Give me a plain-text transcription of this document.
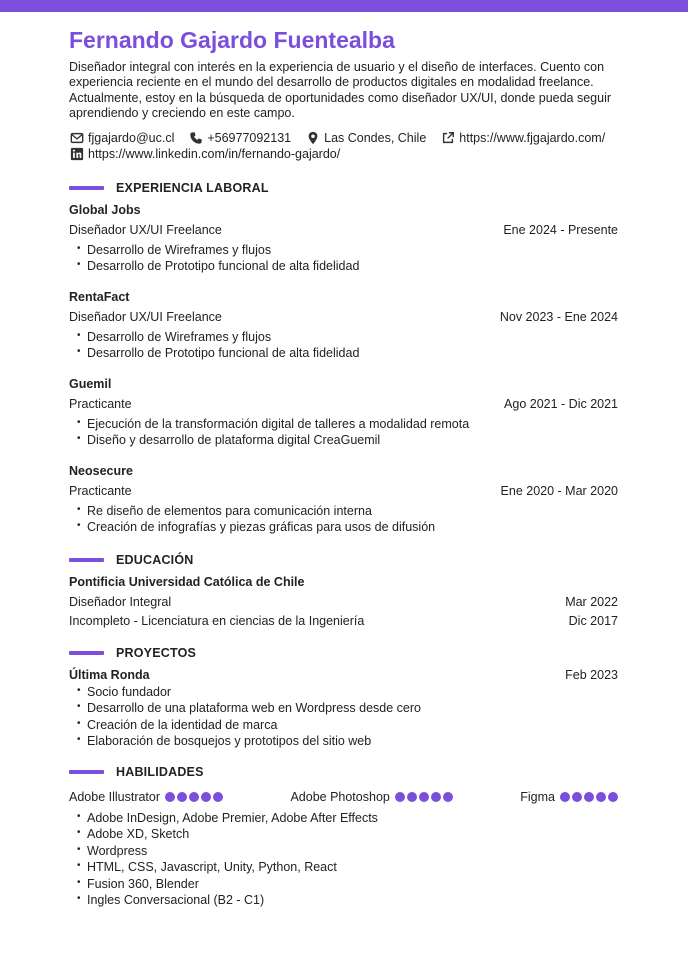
Fernando Gajardo Fuentealba
Diseñador integral con interés en la experiencia de usuario y el diseño de interfaces. Cuento con experiencia reciente en el mundo del desarrollo de productos digitales en modalidad freelance. Actualmente, estoy en la búsqueda de oportunidades como diseñador UX/UI, donde pueda seguir aprendiendo y creciendo en este campo.
fjgajardo@uc.cl	+56977092131	Las Condes, Chile	https://www.fjgajardo.com/
https://www.linkedin.com/in/fernando-gajardo/
EXPERIENCIA LABORAL
Global Jobs
Diseñador UX/UI Freelance	Ene 2024 - Presente
• Desarrollo de Wireframes y flujos
• Desarrollo de Prototipo funcional de alta fidelidad
RentaFact
Diseñador UX/UI Freelance	Nov 2023 - Ene 2024
• Desarrollo de Wireframes y flujos
• Desarrollo de Prototipo funcional de alta fidelidad
Guemil
Practicante	Ago 2021 - Dic 2021
• Ejecución de la transformación digital de talleres a modalidad remota
• Diseño y desarrollo de plataforma digital CreaGuemil
Neosecure
Practicante	Ene 2020 - Mar 2020
• Re diseño de elementos para comunicación interna
• Creación de infografías y piezas gráficas para usos de difusión
EDUCACIÓN
Pontificia Universidad Católica de Chile
Diseñador Integral	Mar 2022
Incompleto - Licenciatura en ciencias de la Ingeniería	Dic 2017
PROYECTOS
Última Ronda	Feb 2023
• Socio fundador
• Desarrollo de una plataforma web en Wordpress desde cero
• Creación de la identidad de marca
• Elaboración de bosquejos y prototipos del sitio web
HABILIDADES
Adobe Illustrator	Adobe Photoshop	Figma
• Adobe InDesign, Adobe Premier, Adobe After Effects
• Adobe XD, Sketch
• Wordpress
• HTML, CSS, Javascript, Unity, Python, React
• Fusion 360, Blender
• Ingles Conversacional (B2 - C1)
